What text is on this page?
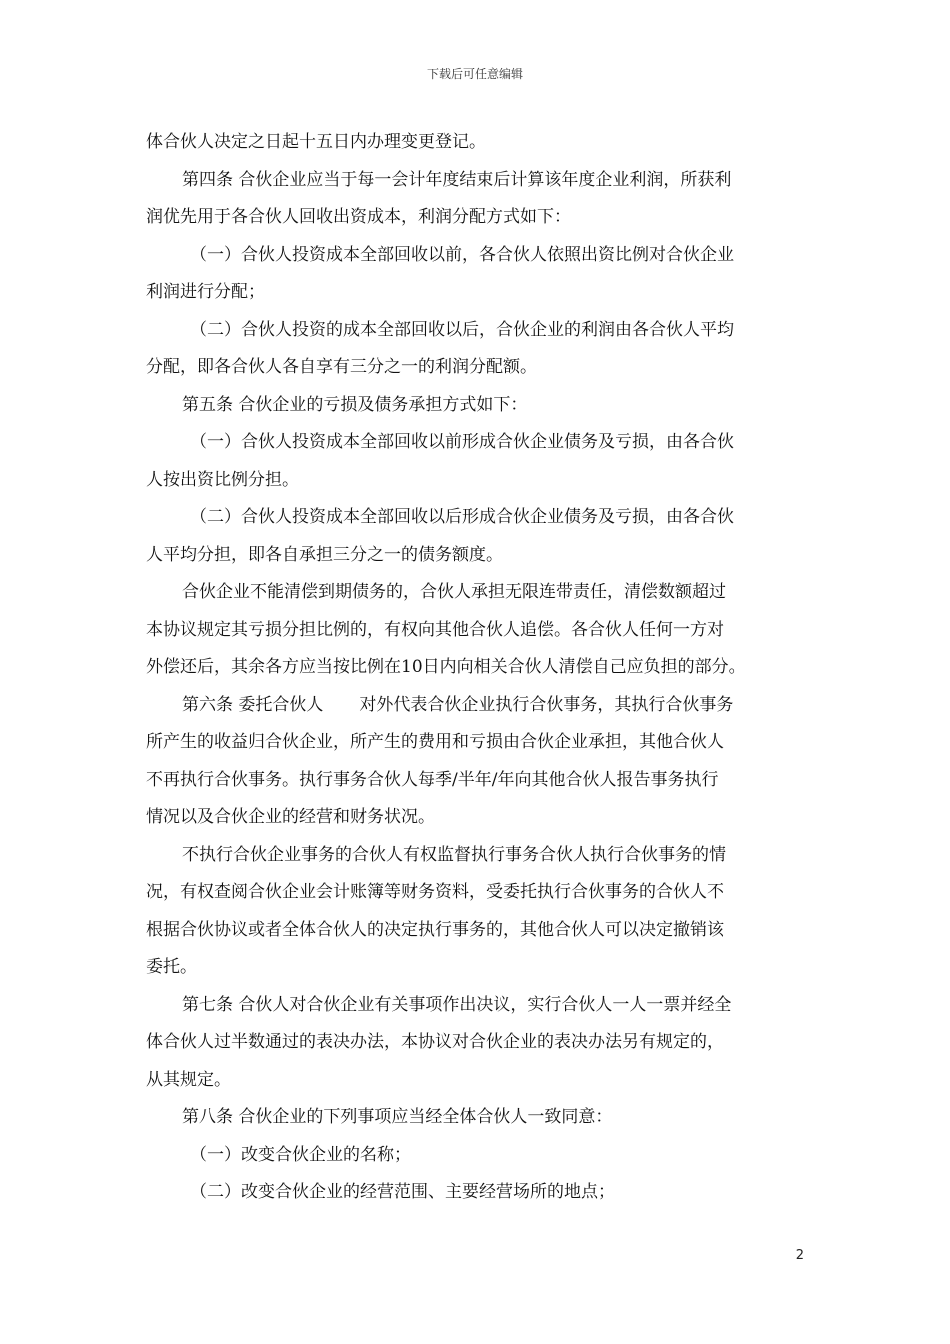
下载后可任意编辑
体合伙人决定之日起十五日内办理变更登记。
第四条 合伙企业应当于每一会计年度结束后计算该年度企业利润，所获利
润优先用于各合伙人回收出资成本，利润分配方式如下：
（一）合伙人投资成本全部回收以前，各合伙人依照出资比例对合伙企业
利润进行分配；
（二）合伙人投资的成本全部回收以后，合伙企业的利润由各合伙人平均
分配，即各合伙人各自享有三分之一的利润分配额。
第五条 合伙企业的亏损及债务承担方式如下：
（一）合伙人投资成本全部回收以前形成合伙企业债务及亏损，由各合伙
人按出资比例分担。
（二）合伙人投资成本全部回收以后形成合伙企业债务及亏损，由各合伙
人平均分担，即各自承担三分之一的债务额度。
合伙企业不能清偿到期债务的，合伙人承担无限连带责任，清偿数额超过
本协议规定其亏损分担比例的，有权向其他合伙人追偿。各合伙人任何一方对
外偿还后，其余各方应当按比例在10日内向相关合伙人清偿自己应负担的部分。
第六条 委托合伙人 对外代表合伙企业执行合伙事务，其执行合伙事务
所产生的收益归合伙企业，所产生的费用和亏损由合伙企业承担，其他合伙人
不再执行合伙事务。执行事务合伙人每季/半年/年向其他合伙人报告事务执行
情况以及合伙企业的经营和财务状况。
不执行合伙企业事务的合伙人有权监督执行事务合伙人执行合伙事务的情
况，有权查阅合伙企业会计账簿等财务资料，受委托执行合伙事务的合伙人不
根据合伙协议或者全体合伙人的决定执行事务的，其他合伙人可以决定撤销该
委托。
第七条 合伙人对合伙企业有关事项作出决议，实行合伙人一人一票并经全
体合伙人过半数通过的表决办法，本协议对合伙企业的表决办法另有规定的，
从其规定。
第八条 合伙企业的下列事项应当经全体合伙人一致同意：
（一）改变合伙企业的名称；
（二）改变合伙企业的经营范围、主要经营场所的地点；
2
